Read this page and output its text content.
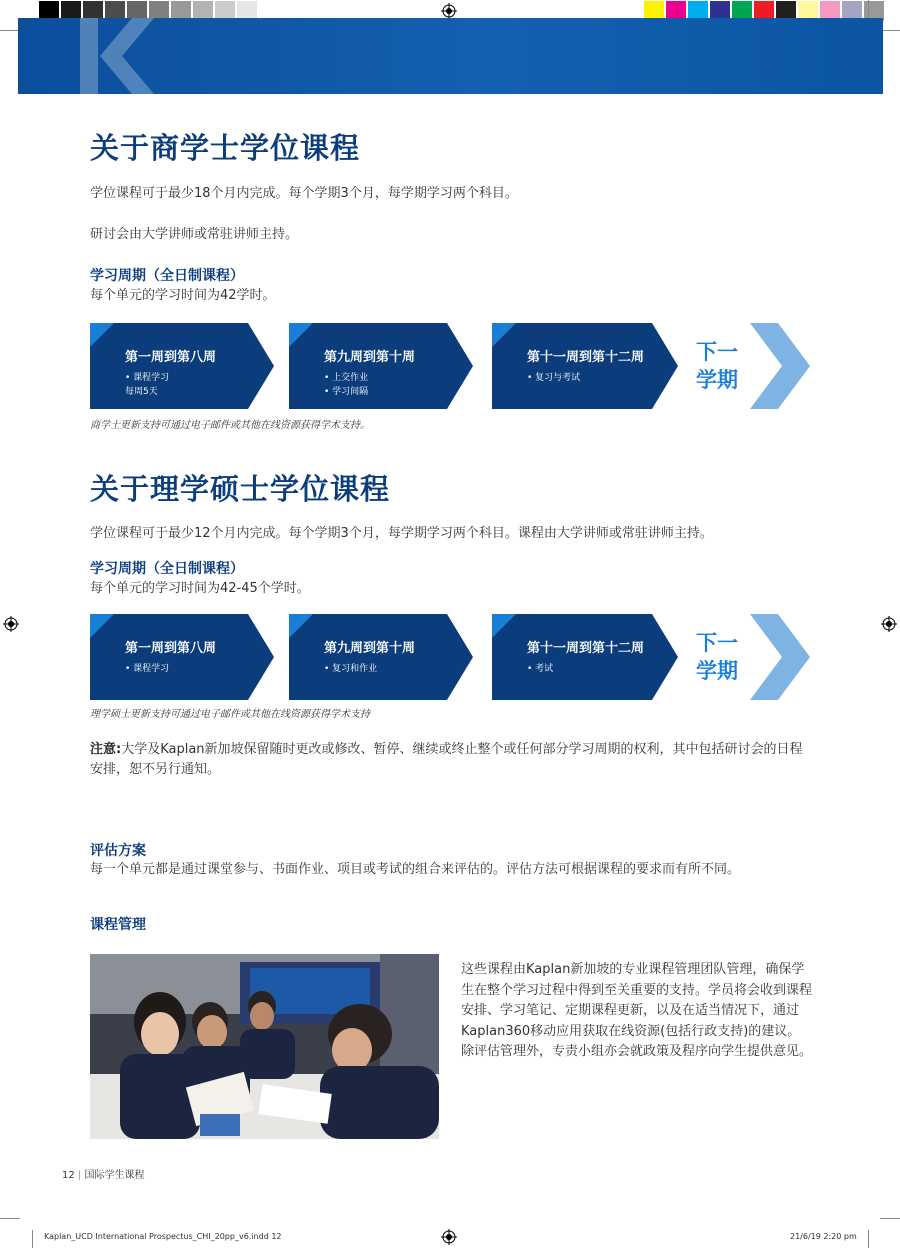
关于商学士学位课程

学位课程可于最少18个月内完成。每个学期3个月，每学期学习两个科目。

研讨会由大学讲师或常驻讲师主持。

学习周期（全日制课程）

每个单元的学习时间为42学时。

第一周到第八周
• 课程学习
每周5天
第九周到第十周
• 上交作业
• 学习间隔
第十一周到第十二周
• 复习与考试
下一
学期

商学士更新支持可通过电子邮件或其他在线资源获得学术支持。

关于理学硕士学位课程

学位课程可于最少12个月内完成。每个学期3个月，每学期学习两个科目。课程由大学讲师或常驻讲师主持。

学习周期（全日制课程）

每个单元的学习时间为42-45个学时。

第一周到第八周
• 课程学习
第九周到第十周
• 复习和作业
第十一周到第十二周
• 考试
下一
学期

理学硕士更新支持可通过电子邮件或其他在线资源获得学术支持

注意:大学及Kaplan新加坡保留随时更改或修改、暂停、继续或终止整个或任何部分学习周期的权利，其中包括研讨会的日程安排，恕不另行通知。

评估方案

每一个单元都是通过课堂参与、书面作业、项目或考试的组合来评估的。评估方法可根据课程的要求而有所不同。

课程管理

这些课程由Kaplan新加坡的专业课程管理团队管理，确保学生在整个学习过程中得到至关重要的支持。学员将会收到课程安排、学习笔记、定期课程更新，以及在适当情况下，通过Kaplan360移动应用获取在线资源(包括行政支持)的建议。除评估管理外，专责小组亦会就政策及程序向学生提供意见。

12 | 国际学生课程
Kaplan_UCD International Prospectus_CHI_20pp_v6.indd 12	21/6/19 2:20 pm
